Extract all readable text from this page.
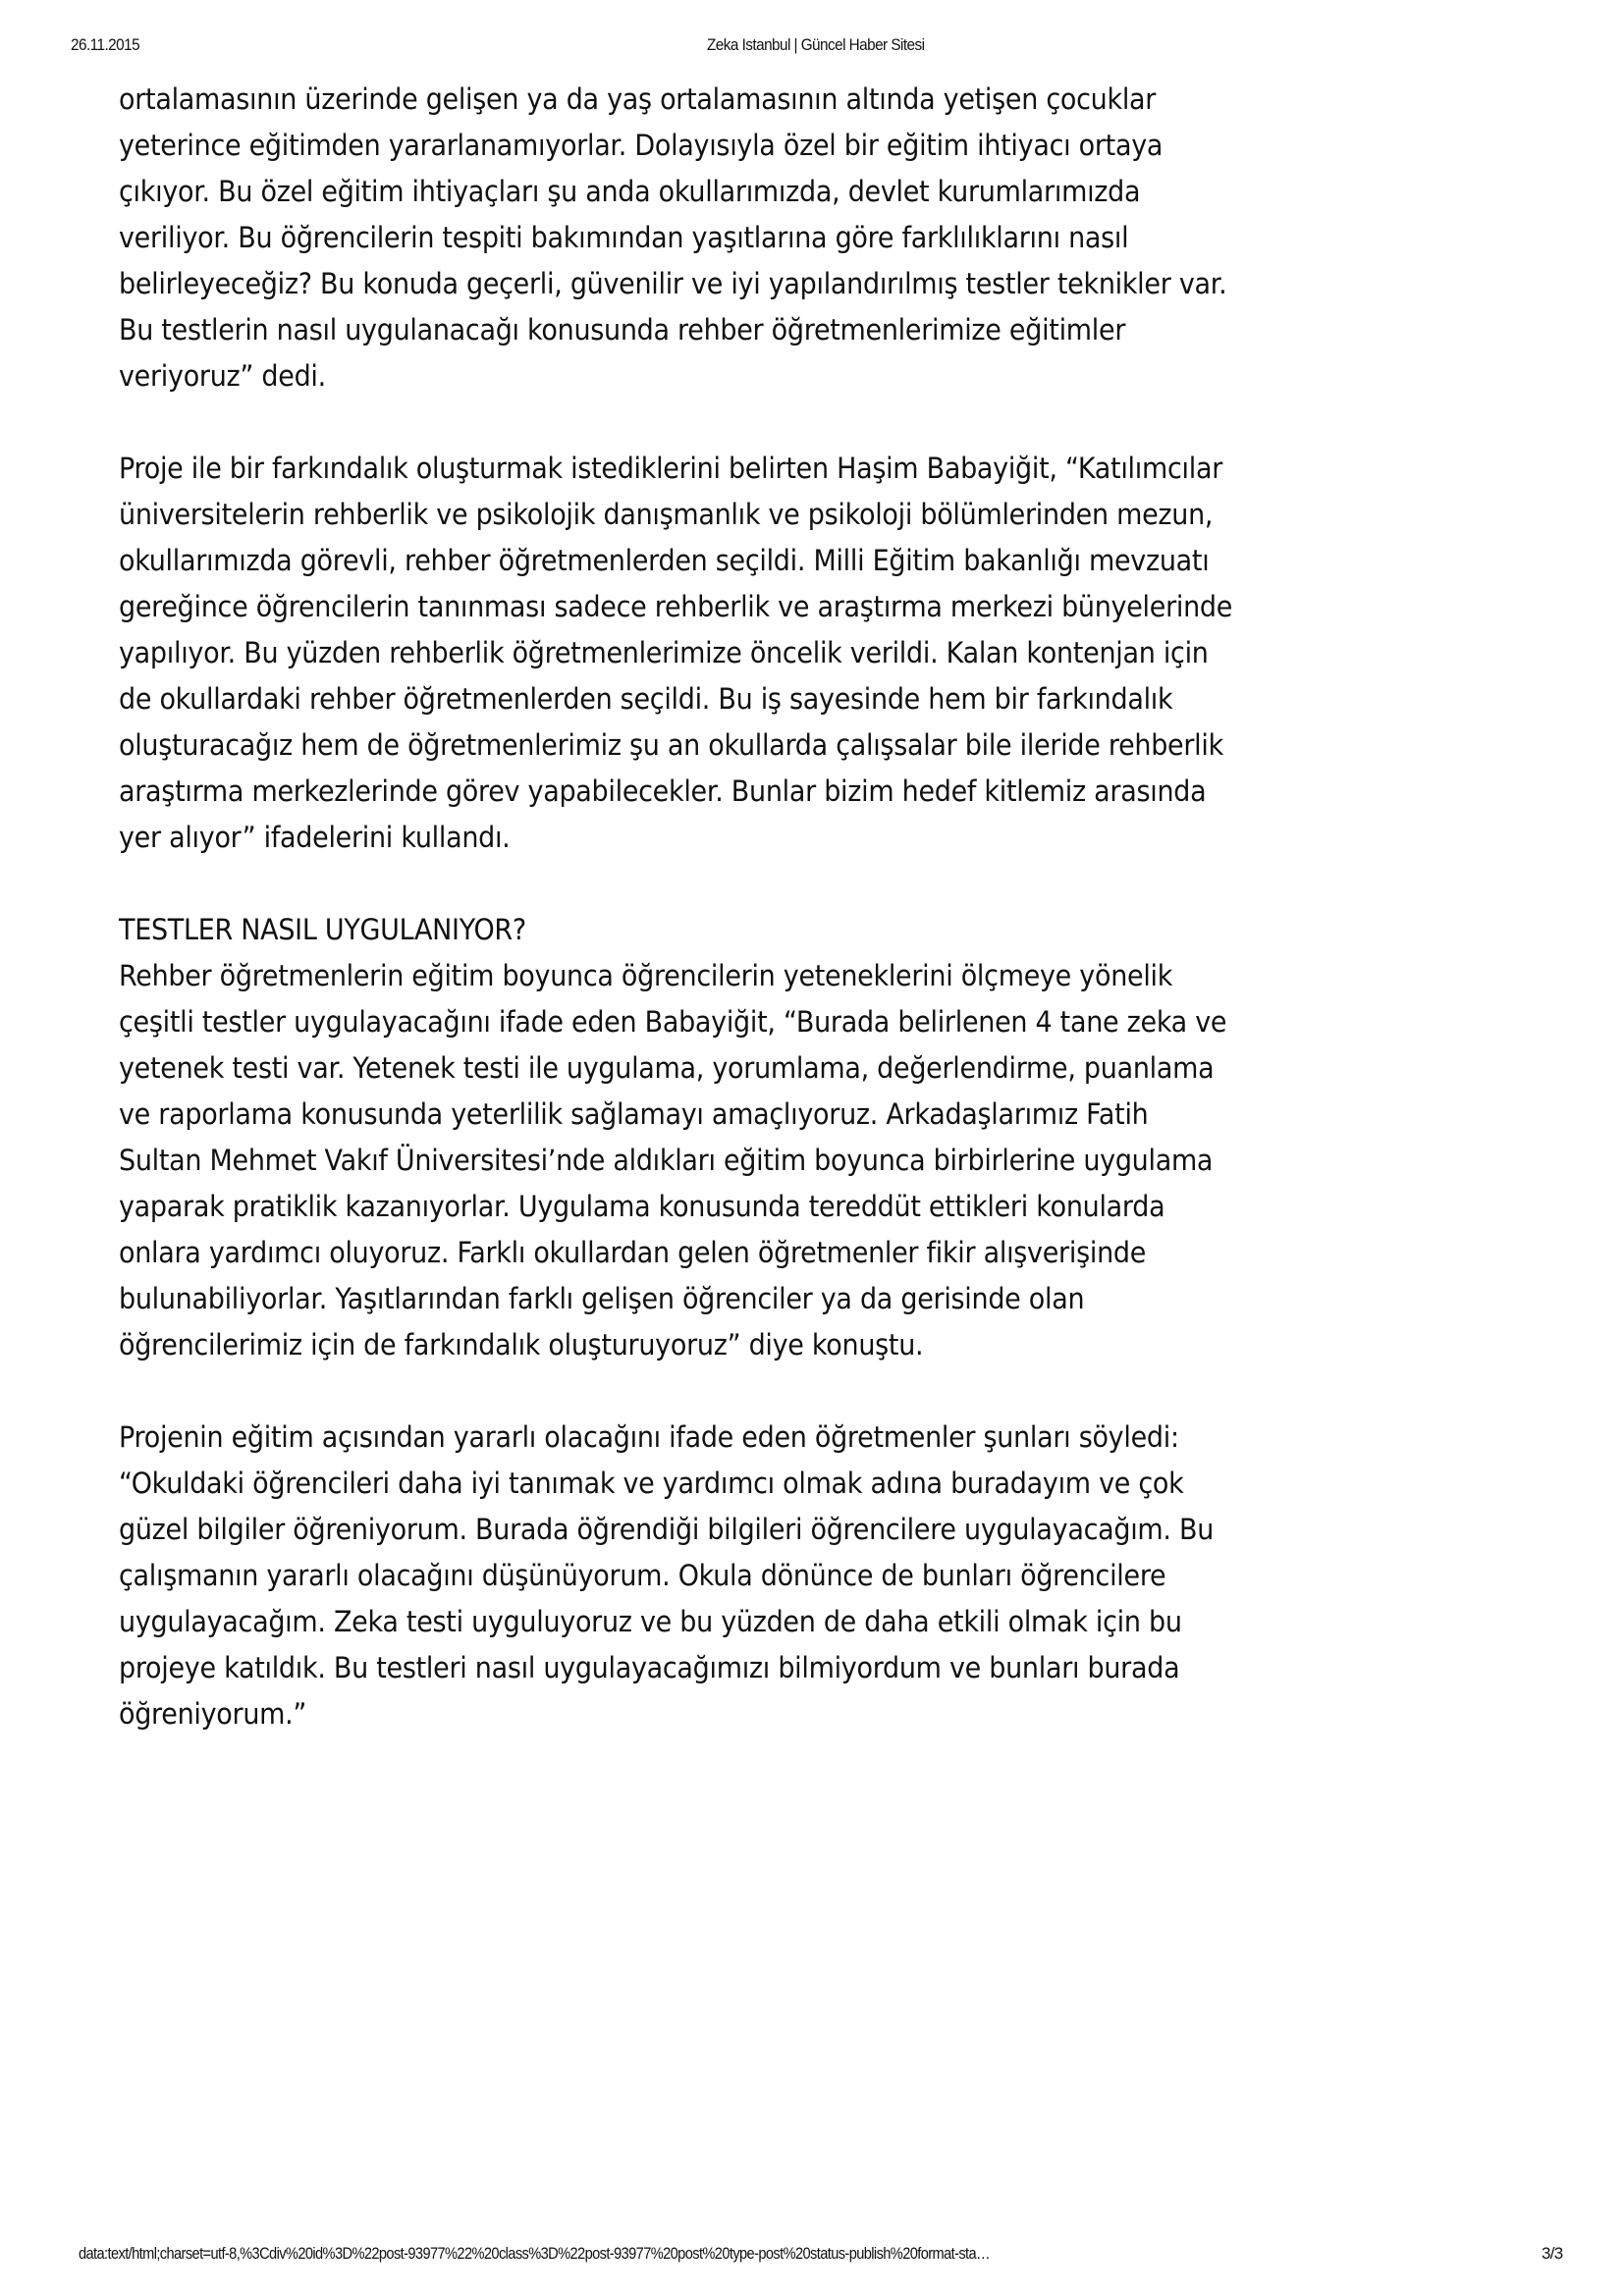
26.11.2015	Zeka Istanbul | Güncel Haber Sitesi

ortalamasının üzerinde gelişen ya da yaş ortalamasının altında yetişen çocuklar
yeterince eğitimden yararlanamıyorlar. Dolayısıyla özel bir eğitim ihtiyacı ortaya
çıkıyor. Bu özel eğitim ihtiyaçları şu anda okullarımızda, devlet kurumlarımızda
veriliyor. Bu öğrencilerin tespiti bakımından yaşıtlarına göre farklılıklarını nasıl
belirleyeceğiz? Bu konuda geçerli, güvenilir ve iyi yapılandırılmış testler teknikler var.
Bu testlerin nasıl uygulanacağı konusunda rehber öğretmenlerimize eğitimler
veriyoruz” dedi.

Proje ile bir farkındalık oluşturmak istediklerini belirten Haşim Babayiğit, “Katılımcılar
üniversitelerin rehberlik ve psikolojik danışmanlık ve psikoloji bölümlerinden mezun,
okullarımızda görevli, rehber öğretmenlerden seçildi. Milli Eğitim bakanlığı mevzuatı
gereğince öğrencilerin tanınması sadece rehberlik ve araştırma merkezi bünyelerinde
yapılıyor. Bu yüzden rehberlik öğretmenlerimize öncelik verildi. Kalan kontenjan için
de okullardaki rehber öğretmenlerden seçildi. Bu iş sayesinde hem bir farkındalık
oluşturacağız hem de öğretmenlerimiz şu an okullarda çalışsalar bile ileride rehberlik
araştırma merkezlerinde görev yapabilecekler. Bunlar bizim hedef kitlemiz arasında
yer alıyor” ifadelerini kullandı.

TESTLER NASIL UYGULANIYOR?
Rehber öğretmenlerin eğitim boyunca öğrencilerin yeteneklerini ölçmeye yönelik
çeşitli testler uygulayacağını ifade eden Babayiğit, “Burada belirlenen 4 tane zeka ve
yetenek testi var. Yetenek testi ile uygulama, yorumlama, değerlendirme, puanlama
ve raporlama konusunda yeterlilik sağlamayı amaçlıyoruz. Arkadaşlarımız Fatih
Sultan Mehmet Vakıf Üniversitesi’nde aldıkları eğitim boyunca birbirlerine uygulama
yaparak pratiklik kazanıyorlar. Uygulama konusunda tereddüt ettikleri konularda
onlara yardımcı oluyoruz. Farklı okullardan gelen öğretmenler fikir alışverişinde
bulunabiliyorlar. Yaşıtlarından farklı gelişen öğrenciler ya da gerisinde olan
öğrencilerimiz için de farkındalık oluşturuyoruz” diye konuştu.

Projenin eğitim açısından yararlı olacağını ifade eden öğretmenler şunları söyledi:
“Okuldaki öğrencileri daha iyi tanımak ve yardımcı olmak adına buradayım ve çok
güzel bilgiler öğreniyorum. Burada öğrendiği bilgileri öğrencilere uygulayacağım. Bu
çalışmanın yararlı olacağını düşünüyorum. Okula dönünce de bunları öğrencilere
uygulayacağım. Zeka testi uyguluyoruz ve bu yüzden de daha etkili olmak için bu
projeye katıldık. Bu testleri nasıl uygulayacağımızı bilmiyordum ve bunları burada
öğreniyorum.”

data:text/html;charset=utf-8,%3Cdiv%20id%3D%22post-93977%22%20class%3D%22post-93977%20post%20type-post%20status-publish%20format-sta…	3/3
